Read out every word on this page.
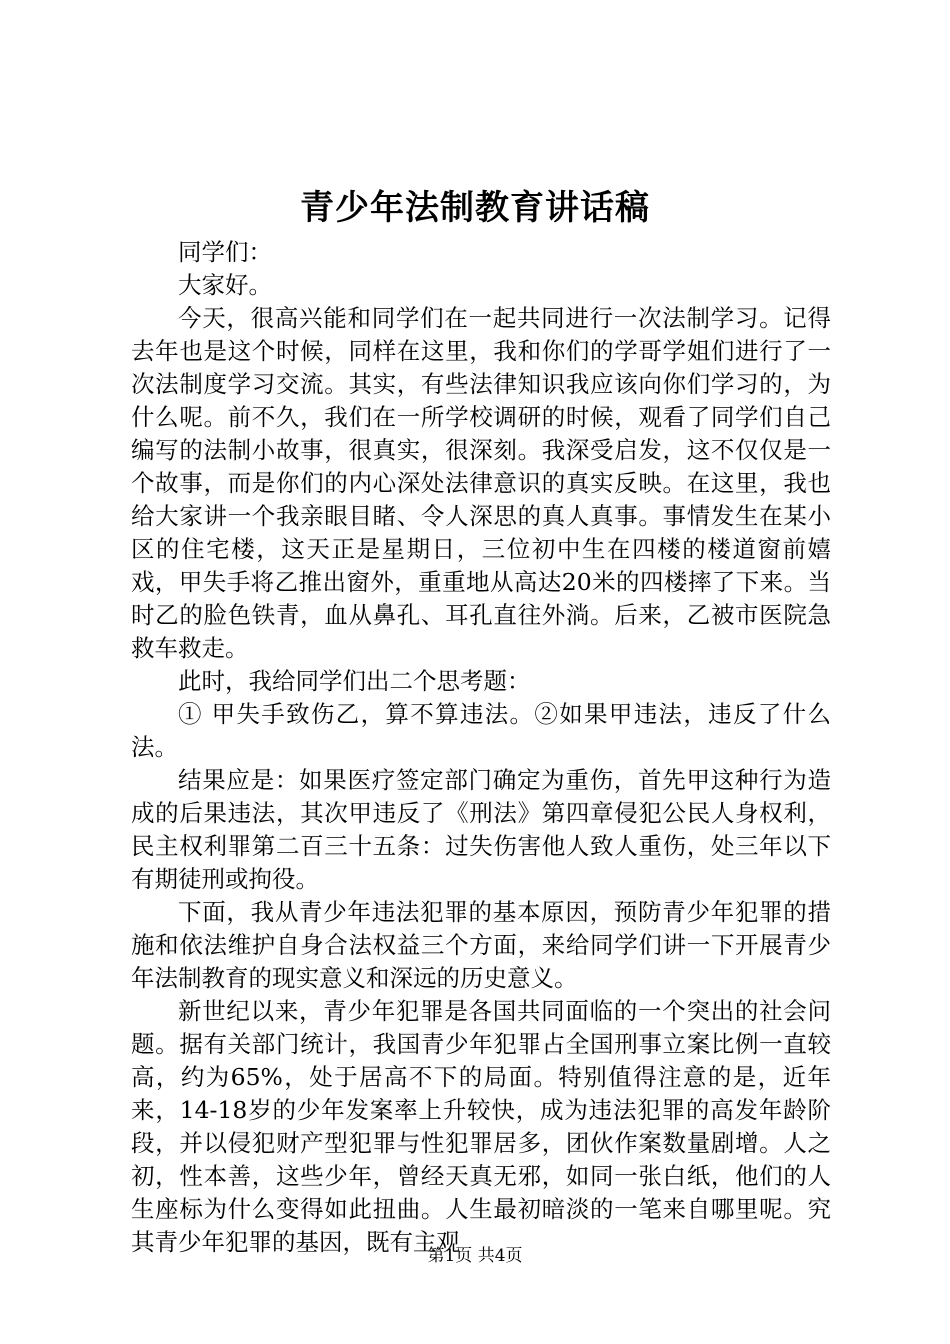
青少年法制教育讲话稿

同学们：

大家好。

今天，很高兴能和同学们在一起共同进行一次法制学习。记得去年也是这个时候，同样在这里，我和你们的学哥学姐们进行了一次法制度学习交流。其实，有些法律知识我应该向你们学习的，为什么呢。前不久，我们在一所学校调研的时候，观看了同学们自己编写的法制小故事，很真实，很深刻。我深受启发，这不仅仅是一个故事，而是你们的内心深处法律意识的真实反映。在这里，我也给大家讲一个我亲眼目睹、令人深思的真人真事。事情发生在某小区的住宅楼，这天正是星期日，三位初中生在四楼的楼道窗前嬉戏，甲失手将乙推出窗外，重重地从高达20米的四楼摔了下来。当时乙的脸色铁青，血从鼻孔、耳孔直往外淌。后来，乙被市医院急救车救走。

此时，我给同学们出二个思考题：

① 甲失手致伤乙，算不算违法。②如果甲违法，违反了什么法。

结果应是：如果医疗签定部门确定为重伤，首先甲这种行为造成的后果违法，其次甲违反了《刑法》第四章侵犯公民人身权利，民主权利罪第二百三十五条：过失伤害他人致人重伤，处三年以下有期徒刑或拘役。

下面，我从青少年违法犯罪的基本原因，预防青少年犯罪的措施和依法维护自身合法权益三个方面，来给同学们讲一下开展青少年法制教育的现实意义和深远的历史意义。

新世纪以来，青少年犯罪是各国共同面临的一个突出的社会问题。据有关部门统计，我国青少年犯罪占全国刑事立案比例一直较高，约为65%，处于居高不下的局面。特别值得注意的是，近年来，14-18岁的少年发案率上升较快，成为违法犯罪的高发年龄阶段，并以侵犯财产型犯罪与性犯罪居多，团伙作案数量剧增。人之初，性本善，这些少年，曾经天真无邪，如同一张白纸，他们的人生座标为什么变得如此扭曲。人生最初暗淡的一笔来自哪里呢。究其青少年犯罪的基因，既有主观

第1页 共4页
